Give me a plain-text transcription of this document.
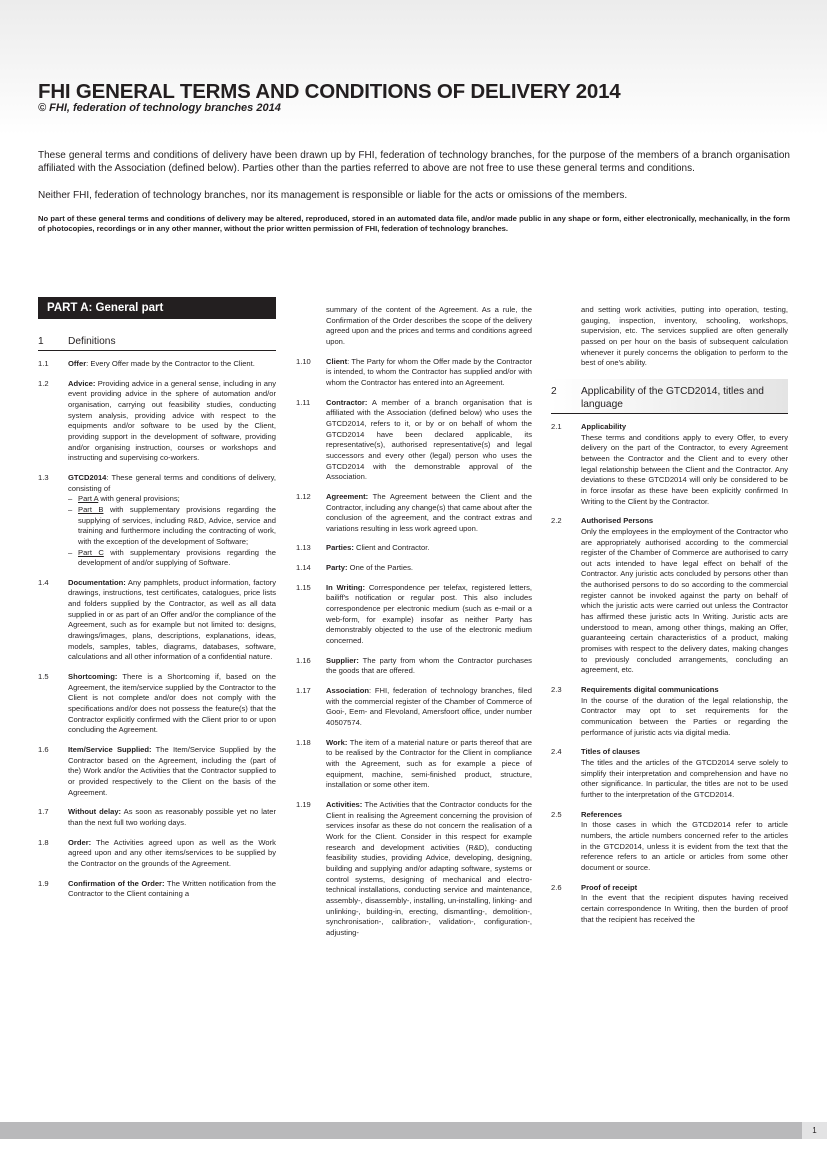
FHI GENERAL TERMS AND CONDITIONS OF DELIVERY 2014
© FHI, federation of technology branches 2014

These general terms and conditions of delivery have been drawn up by FHI, federation of technology branches, for the purpose of the members of a branch organisation affiliated with the Association (defined below). Parties other than the parties referred to above are not free to use these general terms and conditions.

Neither FHI, federation of technology branches, nor its management is responsible or liable for the acts or omissions of the members.

No part of these general terms and conditions of delivery may be altered, reproduced, stored in an automated data file, and/or made public in any shape or form, either electronically, mechanically, in the form of photocopies, recordings or in any other manner, without the prior written permission of FHI, federation of technology branches.

PART A: General part
1	Definitions
1.1	Offer: Every Offer made by the Contractor to the Client.
1.2	Advice: Providing advice in a general sense, including in any event providing advice in the sphere of automation and/or organisation, carrying out feasibility studies, conducting system analysis, providing advice with respect to the equipments and/or software to be used by the Client, providing support in the development of software, providing and/or organising instruction, courses or workshops and instructing and supervising co-workers.
1.3	GTCD2014: These general terms and conditions of delivery, consisting of
– Part A with general provisions;
– Part B with supplementary provisions regarding the supplying of services, including R&D, Advice, service and training and furthermore including the contracting of work, with the exception of the development of Software;
– Part C with supplementary provisions regarding the development of and/or supplying of Software.
1.4	Documentation: Any pamphlets, product information, factory drawings, instructions, test certificates, catalogues, price lists and folders supplied by the Contractor, as well as all data supplied in or as part of an Offer and/or the compliance of the Agreement, such as for example but not limited to: designs, drawings/images, plans, descriptions, explanations, ideas, models, samples, tables, diagrams, databases, software, calculations and all other information of a confidential nature.
1.5	Shortcoming: There is a Shortcoming if, based on the Agreement, the item/service supplied by the Contractor to the Client is not complete and/or does not comply with the specifications and/or does not possess the feature(s) that the Contractor explicitly confirmed with the Client prior to or upon concluding the Agreement.
1.6	Item/Service Supplied: The Item/Service Supplied by the Contractor based on the Agreement, including the (part of the) Work and/or the Activities that the Contractor supplied to or provided respectively to the Client on the basis of the Agreement.
1.7	Without delay: As soon as reasonably possible yet no later than the next full two working days.
1.8	Order: The Activities agreed upon as well as the Work agreed upon and any other items/services to be supplied by the Contractor on the grounds of the Agreement.
1.9	Confirmation of the Order: The Written notification from the Contractor to the Client containing a

summary of the content of the Agreement. As a rule, the Confirmation of the Order describes the scope of the delivery agreed upon and the prices and terms and conditions agreed upon.

1.10	Client: The Party for whom the Offer made by the Contractor is intended, to whom the Contractor has supplied and/or with whom the Contractor has entered into an Agreement.
1.11	Contractor: A member of a branch organisation that is affiliated with the Association (defined below) who uses the GTCD2014, refers to it, or by or on behalf of whom the GTCD2014 have been declared applicable, its representative(s), authorised representative(s) and legal successors and every other (legal) person who uses the GTCD2014 with the demonstrable approval of the Association.
1.12	Agreement: The Agreement between the Client and the Contractor, including any change(s) that came about after the conclusion of the agreement, and the contract extras and variations resulting in less work agreed upon.
1.13	Parties: Client and Contractor.
1.14	Party: One of the Parties.
1.15	In Writing: Correspondence per telefax, registered letters, bailiff's notification or regular post. This also includes correspondence per electronic medium (such as e-mail or a web-form, for example) insofar as neither Party has demonstrably objected to the use of the electronic medium concerned.
1.16	Supplier: The party from whom the Contractor purchases the goods that are offered.
1.17	Association: FHI, federation of technology branches, filed with the commercial register of the Chamber of Commerce of Gooi-, Eem- and Flevoland, Amersfoort office, under number 40507574.
1.18	Work: The item of a material nature or parts thereof that are to be realised by the Contractor for the Client in compliance with the Agreement, such as for example a piece of equipment, machine, semi-finished product, structure, installation or some other item.
1.19	Activities: The Activities that the Contractor conducts for the Client in realising the Agreement concerning the provision of services insofar as these do not concern the realisation of a Work for the Client. Consider in this respect for example research and development activities (R&D), conducting feasibility studies, providing Advice, developing, designing, building and supplying and/or adapting software, systems or control systems, designing of mechanical and electro-technical installations, conducting service and maintenance, assembly-, disassembly-, installing, un-installing, linking- and unlinking-, building-in, erecting, dismantling-, demolition-, synchronisation-, calibration-, validation-, configuration-, adjusting-

and setting work activities, putting into operation, testing, gauging, inspection, inventory, schooling, workshops, supervision, etc. The services supplied are often generally passed on per hour on the basis of subsequent calculation whenever it purely concerns the obligation to perform to the best of one's ability.

2	Applicability of the GTCD2014, titles and language
2.1	Applicability
These terms and conditions apply to every Offer, to every delivery on the part of the Contractor, to every Agreement between the Contractor and the Client and to every other legal relationship between the Client and the Contractor. Any deviations to these GTCD2014 will only be considered to be in force insofar as these have been explicitly confirmed In Writing to the Client by the Contractor.
2.2	Authorised Persons
Only the employees in the employment of the Contractor who are appropriately authorised according to the commercial register of the Chamber of Commerce are authorised to carry out acts intended to have legal effect on behalf of the Contractor. Any juristic acts concluded by persons other than the authorised persons to do so according to the commercial register cannot be invoked against the party on behalf of which the juristic acts were carried out unless the Contractor has affirmed these juristic acts In Writing. Juristic acts are understood to mean, among other things, making an Offer, guaranteeing certain characteristics of a product, making promises with respect to the delivery dates, making changes to previously concluded arrangements, concluding an agreement, etc.
2.3	Requirements digital communications
In the course of the duration of the legal relationship, the Contractor may opt to set requirements for the communication between the Parties or regarding the performance of juristic acts via digital media.
2.4	Titles of clauses
The titles and the articles of the GTCD2014 serve solely to simplify their interpretation and comprehension and have no other significance. In particular, the titles are not to be used further to the interpretation of the GTCD2014.
2.5	References
In those cases in which the GTCD2014 refer to article numbers, the article numbers concerned refer to the articles in the GTCD2014, unless it is evident from the text that the reference refers to an article or articles from some other document or source.
2.6	Proof of receipt
In the event that the recipient disputes having received certain correspondence In Writing, then the burden of proof that the recipient has received the
1
